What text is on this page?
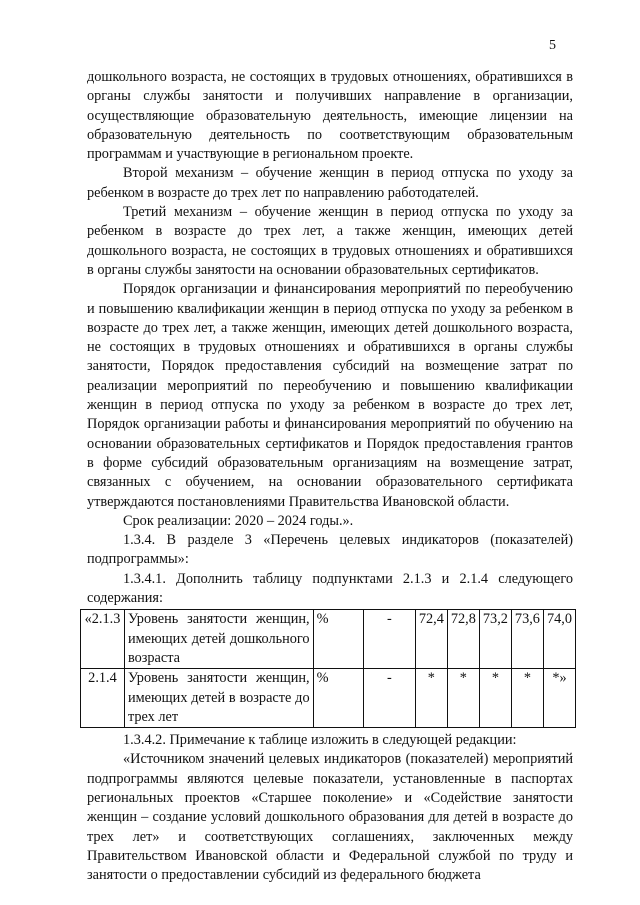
5

дошкольного возраста, не состоящих в трудовых отношениях, обратившихся в органы службы занятости и получивших направление в организации, осуществляющие образовательную деятельность, имеющие лицензии на образовательную деятельность по соответствующим образовательным программам и участвующие в региональном проекте.

Второй механизм – обучение женщин в период отпуска по уходу за ребенком в возрасте до трех лет по направлению работодателей.

Третий механизм – обучение женщин в период отпуска по уходу за ребенком в возрасте до трех лет, а также женщин, имеющих детей дошкольного возраста, не состоящих в трудовых отношениях и обратившихся в органы службы занятости на основании образовательных сертификатов.

Порядок организации и финансирования мероприятий по переобучению и повышению квалификации женщин в период отпуска по уходу за ребенком в возрасте до трех лет, а также женщин, имеющих детей дошкольного возраста, не состоящих в трудовых отношениях и обратившихся в органы службы занятости, Порядок предоставления субсидий на возмещение затрат по реализации мероприятий по переобучению и повышению квалификации женщин в период отпуска по уходу за ребенком в возрасте до трех лет, Порядок организации работы и финансирования мероприятий по обучению на основании образовательных сертификатов и Порядок предоставления грантов в форме субсидий образовательным организациям на возмещение затрат, связанных с обучением, на основании образовательного сертификата утверждаются постановлениями Правительства Ивановской области.

Срок реализации: 2020 – 2024 годы.».

1.3.4. В разделе 3 «Перечень целевых индикаторов (показателей) подпрограммы»:

1.3.4.1. Дополнить таблицу подпунктами 2.1.3 и 2.1.4 следующего содержания:

«2.1.3	Уровень занятости женщин, имеющих детей дошкольного возраста	%	-	72,4	72,8	73,2	73,6	74,0
2.1.4	Уровень занятости женщин, имеющих детей в возрасте до трех лет	%	-	*	*	*	*	*»

1.3.4.2. Примечание к таблице изложить в следующей редакции:

«Источником значений целевых индикаторов (показателей) мероприятий подпрограммы являются целевые показатели, установленные в паспортах региональных проектов «Старшее поколение» и «Содействие занятости женщин – создание условий дошкольного образования для детей в возрасте до трех лет» и соответствующих соглашениях, заключенных между Правительством Ивановской области и Федеральной службой по труду и занятости о предоставлении субсидий из федерального бюджета
